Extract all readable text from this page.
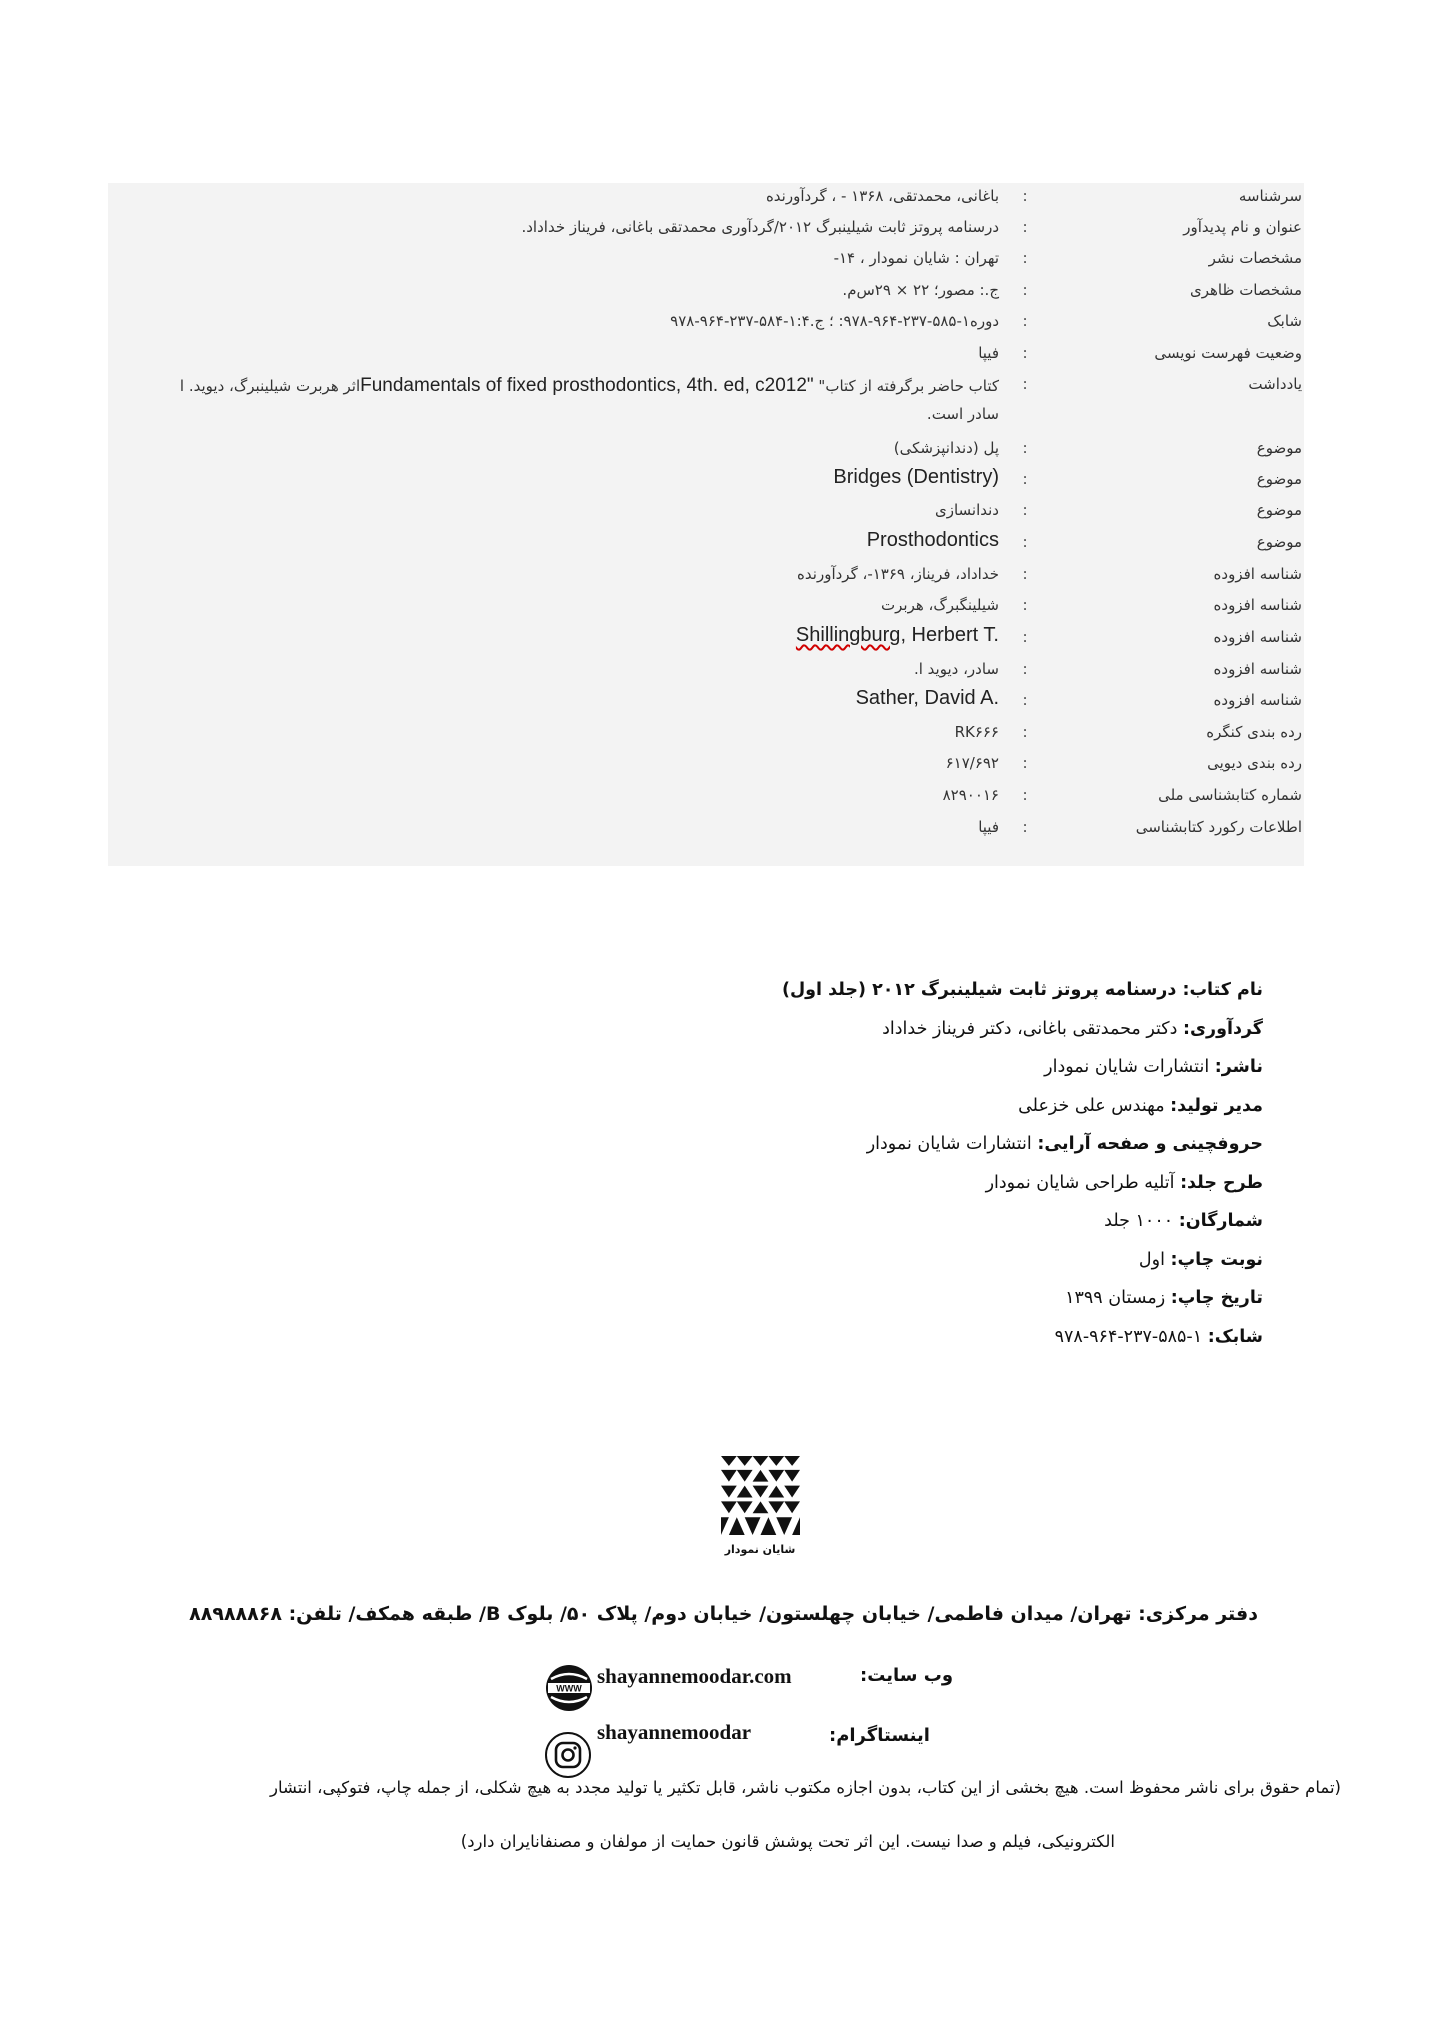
سرشناسه
:
باغانی، محمدتقی، ۱۳۶۸ - ، گردآورنده
عنوان و نام پدیدآور
:
درسنامه پروتز ثابت شیلینبرگ ۲۰۱۲/گردآوری محمدتقی باغانی، فریناز خداداد.
مشخصات نشر
:
تهران : شایان نمودار ، ۱۴-
مشخصات ظاهری
:
ج.: مصور؛ ۲۲ × ۲۹س‌م.
شابک
:
دوره۱-۵۸۵-۲۳۷-۹۶۴-۹۷۸: ؛ ج.۱:۴-۵۸۴-۲۳۷-۹۶۴-۹۷۸
وضعیت فهرست نویسی
:
فیپا
یادداشت
:
کتاب حاضر برگرفته از کتاب" Fundamentals of fixed prosthodontics, 4th. ed, c2012"اثر هربرت شیلینبرگ، دیوید. ا
سادر است.
موضوع
:
پل (دندانپزشکی)
موضوع
:
Bridges (Dentistry)
موضوع
:
دندانسازی
موضوع
:
Prosthodontics
شناسه افزوده
:
خداداد، فریناز، ۱۳۶۹-، گردآورنده
شناسه افزوده
:
شیلینگبرگ، هربرت
شناسه افزوده
:
Shillingburg, Herbert T.
شناسه افزوده
:
سادر، دیوید ا.
شناسه افزوده
:
Sather, David A.
رده بندی کنگره
:
RK۶۶۶
رده بندی دیویی
:
۶۱۷/۶۹۲
شماره کتابشناسی ملی
:
۸۲۹۰۰۱۶
اطلاعات رکورد کتابشناسی
:
فیپا
نام کتاب: درسنامه پروتز ثابت شیلینبرگ ۲۰۱۲ (جلد اول)
گردآوری: دکتر محمدتقی باغانی، دکتر فریناز خداداد
ناشر: انتشارات شایان نمودار
مدیر تولید: مهندس علی خزعلی
حروفچینی و صفحه آرایی: انتشارات شایان نمودار
طرح جلد: آتلیه طراحی شایان نمودار
شمارگان: ۱۰۰۰ جلد
نوبت چاپ: اول
تاریخ چاپ: زمستان ۱۳۹۹
شابک: ۱-۵۸۵-۲۳۷-۹۶۴-۹۷۸
شایان نمودار
دفتر مرکزی: تهران/ میدان فاطمی/ خیابان چهلستون/ خیابان دوم/ پلاک ۵۰/ بلوک B/ طبقه همکف/ تلفن: ۸۸۹۸۸۸۶۸
وب سایت:
shayannemoodar.com
WWW
اینستاگرام:
shayannemoodar
(تمام حقوق برای ناشر محفوظ است. هیچ بخشی از این کتاب، بدون اجازه مکتوب ناشر، قابل تکثیر یا تولید مجدد به هیچ شکلی، از جمله چاپ، فتوکپی، انتشار
الکترونیکی، فیلم و صدا نیست. این اثر تحت پوشش قانون حمایت از مولفان و مصنفانایران دارد)
